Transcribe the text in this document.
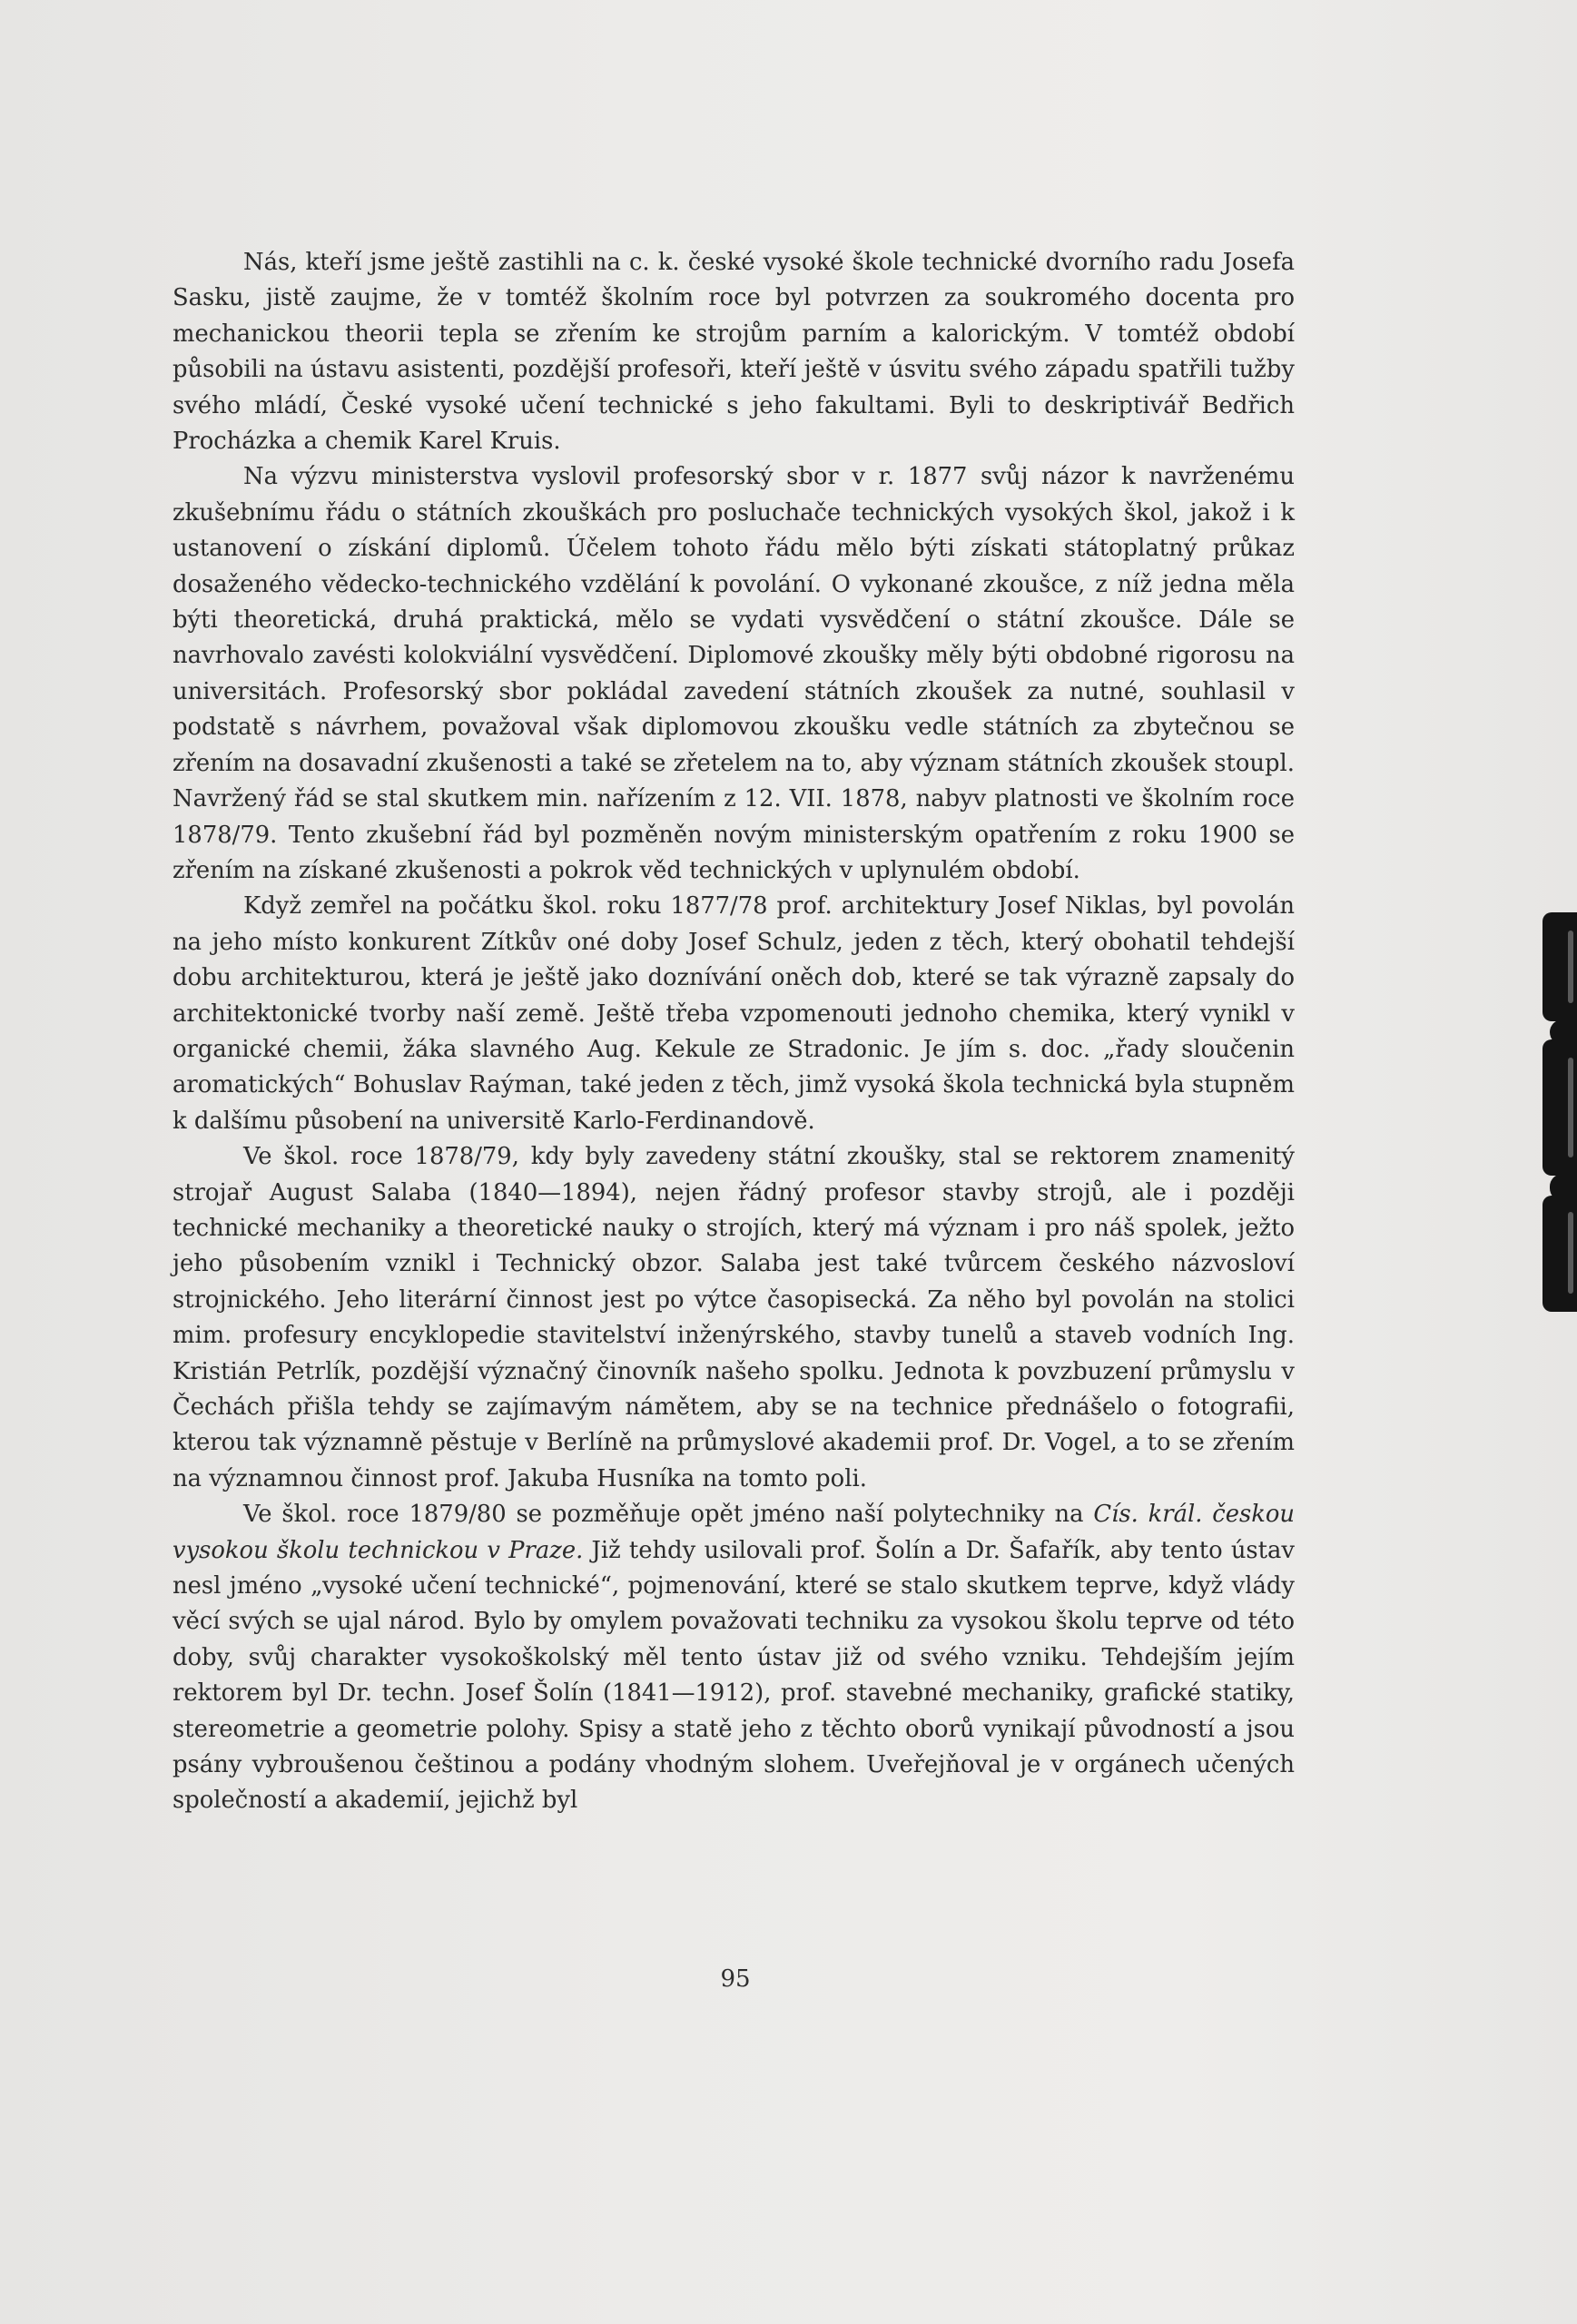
Nás, kteří jsme ještě zastihli na c. k. české vysoké škole technické dvorního radu Josefa Sasku, jistě zaujme, že v tomtéž školním roce byl potvrzen za soukromého docenta pro mechanickou theorii tepla se zřením ke strojům parním a kalorickým. V tomtéž období působili na ústavu asistenti, pozdější profesoři, kteří ještě v úsvitu svého západu spatřili tužby svého mládí, České vysoké učení technické s jeho fakultami. Byli to deskriptivář Bedřich Procházka a chemik Karel Kruis.

Na výzvu ministerstva vyslovil profesorský sbor v r. 1877 svůj názor k navrženému zkušebnímu řádu o státních zkouškách pro posluchače technických vysokých škol, jakož i k ustanovení o získání diplomů. Účelem tohoto řádu mělo býti získati státoplatný průkaz dosaženého vědecko-technického vzdělání k povolání. O vykonané zkoušce, z níž jedna měla býti theoretická, druhá praktická, mělo se vydati vysvědčení o státní zkoušce. Dále se navrhovalo zavésti kolokviální vysvědčení. Diplomové zkoušky měly býti obdobné rigorosu na universitách. Profesorský sbor pokládal zavedení státních zkoušek za nutné, souhlasil v podstatě s návrhem, považoval však diplomovou zkoušku vedle státních za zbytečnou se zřením na dosavadní zkušenosti a také se zřetelem na to, aby význam státních zkoušek stoupl. Navržený řád se stal skutkem min. nařízením z 12. VII. 1878, nabyv platnosti ve školním roce 1878/79. Tento zkušební řád byl pozměněn novým ministerským opatřením z roku 1900 se zřením na získané zkušenosti a pokrok věd technických v uplynulém období.

Když zemřel na počátku škol. roku 1877/78 prof. architektury Josef Niklas, byl povolán na jeho místo konkurent Zítkův oné doby Josef Schulz, jeden z těch, který obohatil tehdejší dobu architekturou, která je ještě jako doznívání oněch dob, které se tak výrazně zapsaly do architektonické tvorby naší země. Ještě třeba vzpomenouti jednoho chemika, který vynikl v organické chemii, žáka slavného Aug. Kekule ze Stradonic. Je jím s. doc. „řady sloučenin aromatických“ Bohuslav Raýman, také jeden z těch, jimž vysoká škola technická byla stupněm k dalšímu působení na universitě Karlo-Ferdinandově.

Ve škol. roce 1878/79, kdy byly zavedeny státní zkoušky, stal se rektorem znamenitý strojař August Salaba (1840—1894), nejen řádný profesor stavby strojů, ale i později technické mechaniky a theoretické nauky o strojích, který má význam i pro náš spolek, ježto jeho působením vznikl i Technický obzor. Salaba jest také tvůrcem českého názvosloví strojnického. Jeho literární činnost jest po výtce časopisecká. Za něho byl povolán na stolici mim. profesury encyklopedie stavitelství inženýrského, stavby tunelů a staveb vodních Ing. Kristián Petrlík, pozdější význačný činovník našeho spolku. Jednota k povzbuzení průmyslu v Čechách přišla tehdy se zajímavým námětem, aby se na technice přednášelo o fotografii, kterou tak významně pěstuje v Berlíně na průmyslové akademii prof. Dr. Vogel, a to se zřením na významnou činnost prof. Jakuba Husníka na tomto poli.

Ve škol. roce 1879/80 se pozměňuje opět jméno naší polytechniky na Cís. král. českou vysokou školu technickou v Praze. Již tehdy usilovali prof. Šolín a Dr. Šafařík, aby tento ústav nesl jméno „vysoké učení technické“, pojmenování, které se stalo skutkem teprve, když vlády věcí svých se ujal národ. Bylo by omylem považovati techniku za vysokou školu teprve od této doby, svůj charakter vysokoškolský měl tento ústav již od svého vzniku. Tehdejším jejím rektorem byl Dr. techn. Josef Šolín (1841—1912), prof. stavebné mechaniky, grafické statiky, stereometrie a geometrie polohy. Spisy a statě jeho z těchto oborů vynikají původností a jsou psány vybroušenou češtinou a podány vhodným slohem. Uveřejňoval je v orgánech učených společností a akademií, jejichž byl

95
